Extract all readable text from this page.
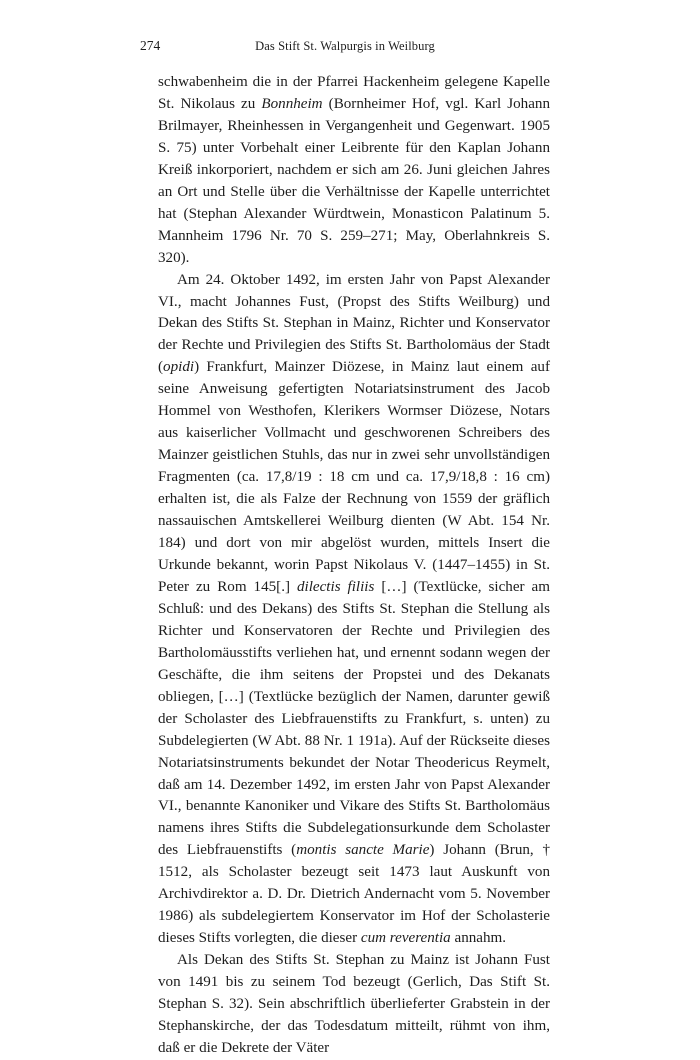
274	Das Stift St. Walpurgis in Weilburg

schwabenheim die in der Pfarrei Hackenheim gelegene Kapelle St. Nikolaus zu Bonnheim (Bornheimer Hof, vgl. Karl Johann Brilmayer, Rheinhessen in Vergangenheit und Gegenwart. 1905 S. 75) unter Vorbehalt einer Leibrente für den Kaplan Johann Kreiß inkorporiert, nachdem er sich am 26. Juni gleichen Jahres an Ort und Stelle über die Verhältnisse der Kapelle unterrichtet hat (Stephan Alexander Würdtwein, Monasticon Palatinum 5. Mannheim 1796 Nr. 70 S. 259–271; May, Oberlahnkreis S. 320).

Am 24. Oktober 1492, im ersten Jahr von Papst Alexander VI., macht Johannes Fust, (Propst des Stifts Weilburg) und Dekan des Stifts St. Stephan in Mainz, Richter und Konservator der Rechte und Privilegien des Stifts St. Bartholomäus der Stadt (opidi) Frankfurt, Mainzer Diözese, in Mainz laut einem auf seine Anweisung gefertigten Notariatsinstrument des Jacob Hommel von Westhofen, Klerikers Wormser Diözese, Notars aus kaiserlicher Vollmacht und geschworenen Schreibers des Mainzer geistlichen Stuhls, das nur in zwei sehr unvollständigen Fragmenten (ca. 17,8/19 : 18 cm und ca. 17,9/18,8 : 16 cm) erhalten ist, die als Falze der Rechnung von 1559 der gräflich nassauischen Amtskellerei Weilburg dienten (W Abt. 154 Nr. 184) und dort von mir abgelöst wurden, mittels Insert die Urkunde bekannt, worin Papst Nikolaus V. (1447–1455) in St. Peter zu Rom 145[.] dilectis filiis […] (Textlücke, sicher am Schluß: und des Dekans) des Stifts St. Stephan die Stellung als Richter und Konservatoren der Rechte und Privilegien des Bartholomäusstifts verliehen hat, und ernennt sodann wegen der Geschäfte, die ihm seitens der Propstei und des Dekanats obliegen, […] (Textlücke bezüglich der Namen, darunter gewiß der Scholaster des Liebfrauenstifts zu Frankfurt, s. unten) zu Subdelegierten (W Abt. 88 Nr. 1 191a). Auf der Rückseite dieses Notariatsinstruments bekundet der Notar Theodericus Reymelt, daß am 14. Dezember 1492, im ersten Jahr von Papst Alexander VI., benannte Kanoniker und Vikare des Stifts St. Bartholomäus namens ihres Stifts die Subdelegationsurkunde dem Scholaster des Liebfrauenstifts (montis sancte Marie) Johann (Brun, † 1512, als Scholaster bezeugt seit 1473 laut Auskunft von Archivdirektor a. D. Dr. Dietrich Andernacht vom 5. November 1986) als subdelegiertem Konservator im Hof der Scholasterie dieses Stifts vorlegten, die dieser cum reverentia annahm.

Als Dekan des Stifts St. Stephan zu Mainz ist Johann Fust von 1491 bis zu seinem Tod bezeugt (Gerlich, Das Stift St. Stephan S. 32). Sein abschriftlich überlieferter Grabstein in der Stephanskirche, der das Todesdatum mitteilt, rühmt von ihm, daß er die Dekrete der Väter
